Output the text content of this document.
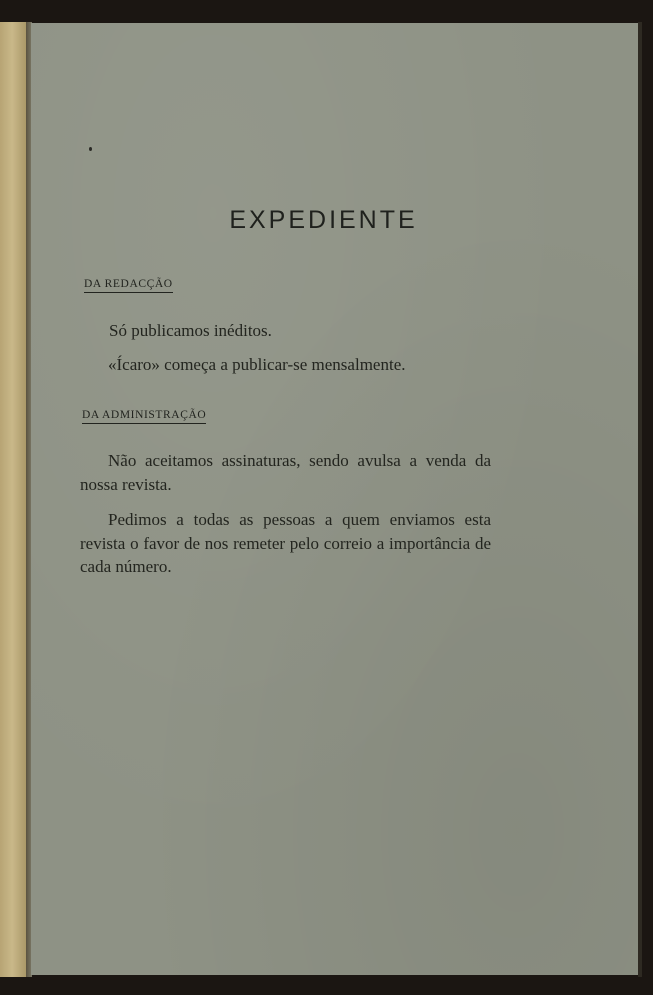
EXPEDIENTE
DA REDACÇÃO
Só publicamos inéditos.
«Ícaro» começa a publicar-se mensalmente.
DA ADMINISTRAÇÃO
Não aceitamos assinaturas, sendo avulsa a venda da nossa revista.
Pedimos a todas as pessoas a quem enviamos esta revista o favor de nos remeter pelo correio a importância de cada número.
